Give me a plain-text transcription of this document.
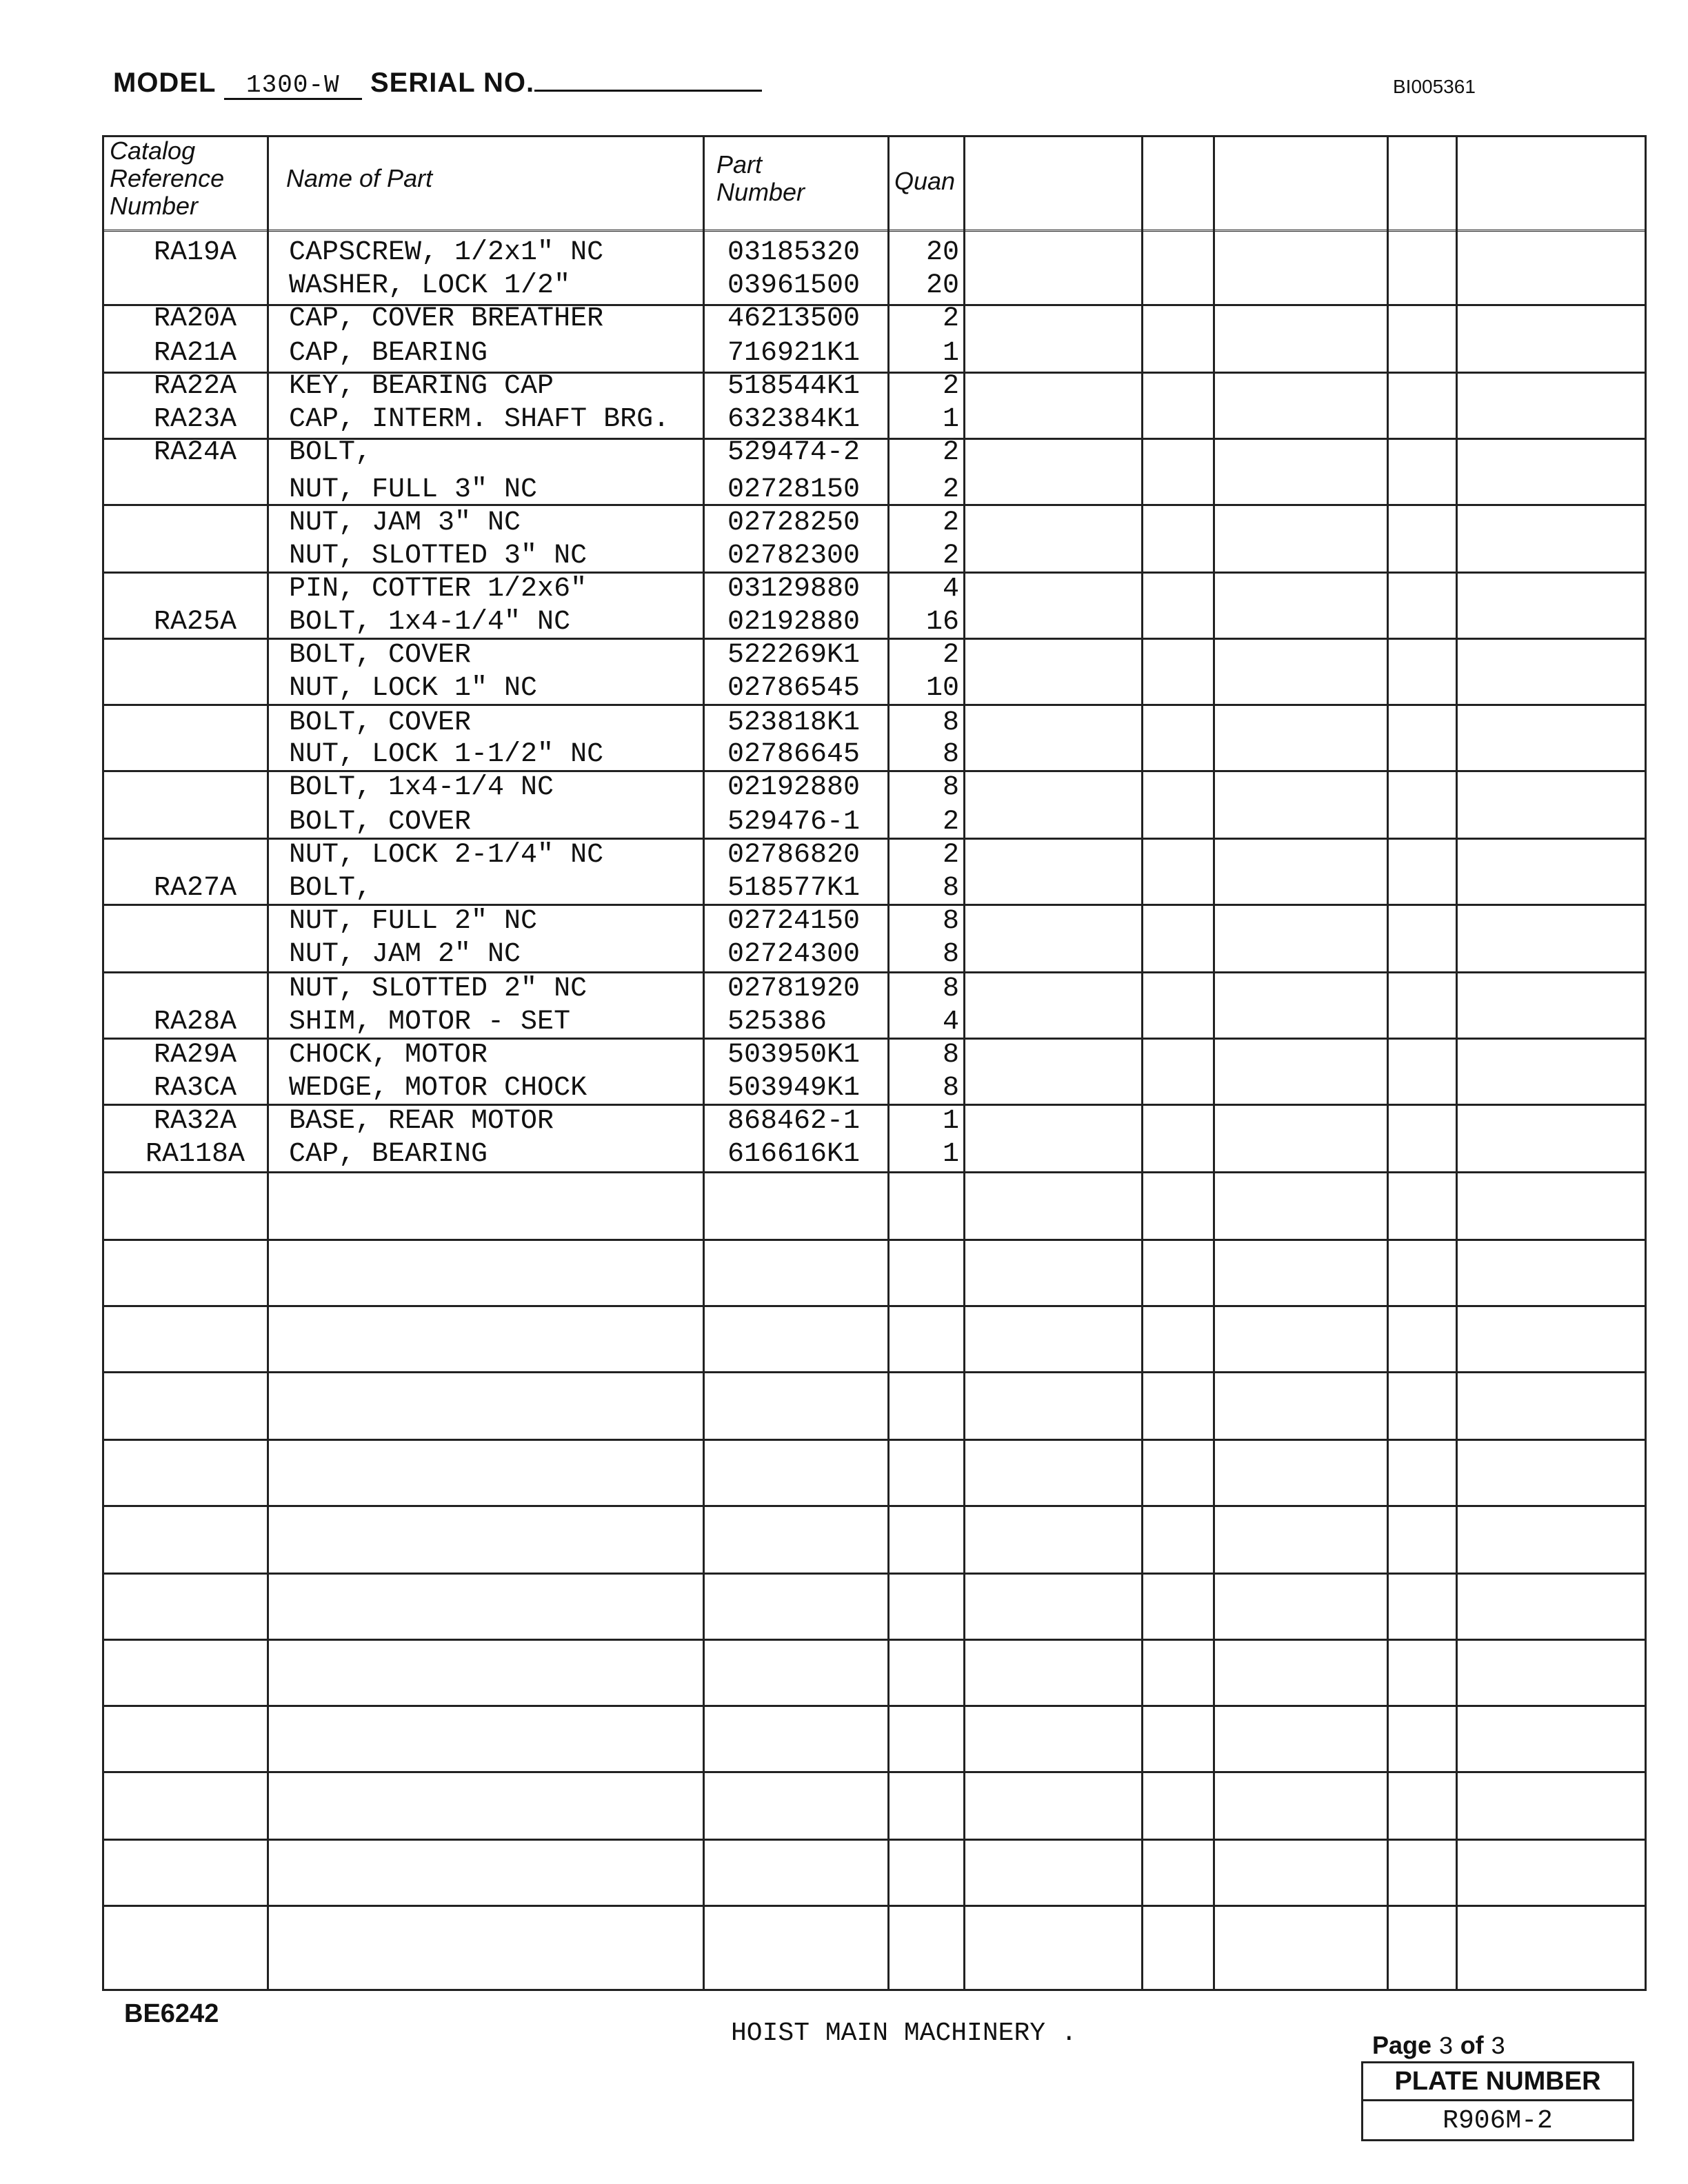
MODEL 1300-W SERIAL NO.	BI005361
Catalog Reference Number
Name of Part	Part Number	Quan
RA19A	CAPSCREW, 1/2x1" NC	03185320	20
WASHER, LOCK 1/2"	03961500	20
RA20A	CAP, COVER BREATHER	46213500	2
RA21A	CAP, BEARING	716921K1	1
RA22A	KEY, BEARING CAP	518544K1	2
RA23A	CAP, INTERM. SHAFT BRG. 632384K1	1
RA24A	BOLT,	529474-2	2
NUT, FULL 3" NC	02728150	2
NUT, JAM 3" NC	02728250	2
NUT, SLOTTED 3" NC	02782300	2
PIN, COTTER 1/2x6"	03129880	4
RA25A	BOLT, 1x4-1/4" NC	02192880	16
BOLT, COVER	522269K1	2
NUT, LOCK 1" NC	02786545	10
BOLT, COVER	523818K1	8
NUT, LOCK 1-1/2" NC	02786645	8
BOLT, 1x4-1/4 NC	02192880	8
BOLT, COVER	529476-1	2
NUT, LOCK 2-1/4" NC	02786820	2
RA27A	BOLT,	518577K1	8
NUT, FULL 2" NC	02724150	8
NUT, JAM 2" NC	02724300	8
NUT, SLOTTED 2" NC	02781920	8
RA28A	SHIM, MOTOR - SET	525386	4
RA29A	CHOCK, MOTOR	503950K1	8
RA3CA	WEDGE, MOTOR CHOCK	503949K1	8
RA32A	BASE, REAR MOTOR	868462-1	1
RA118A CAP, BEARING	616616K1	1
BE6242
HOIST MAIN MACHINERY .	Page 3 of 3
PLATE NUMBER
R906M-2
